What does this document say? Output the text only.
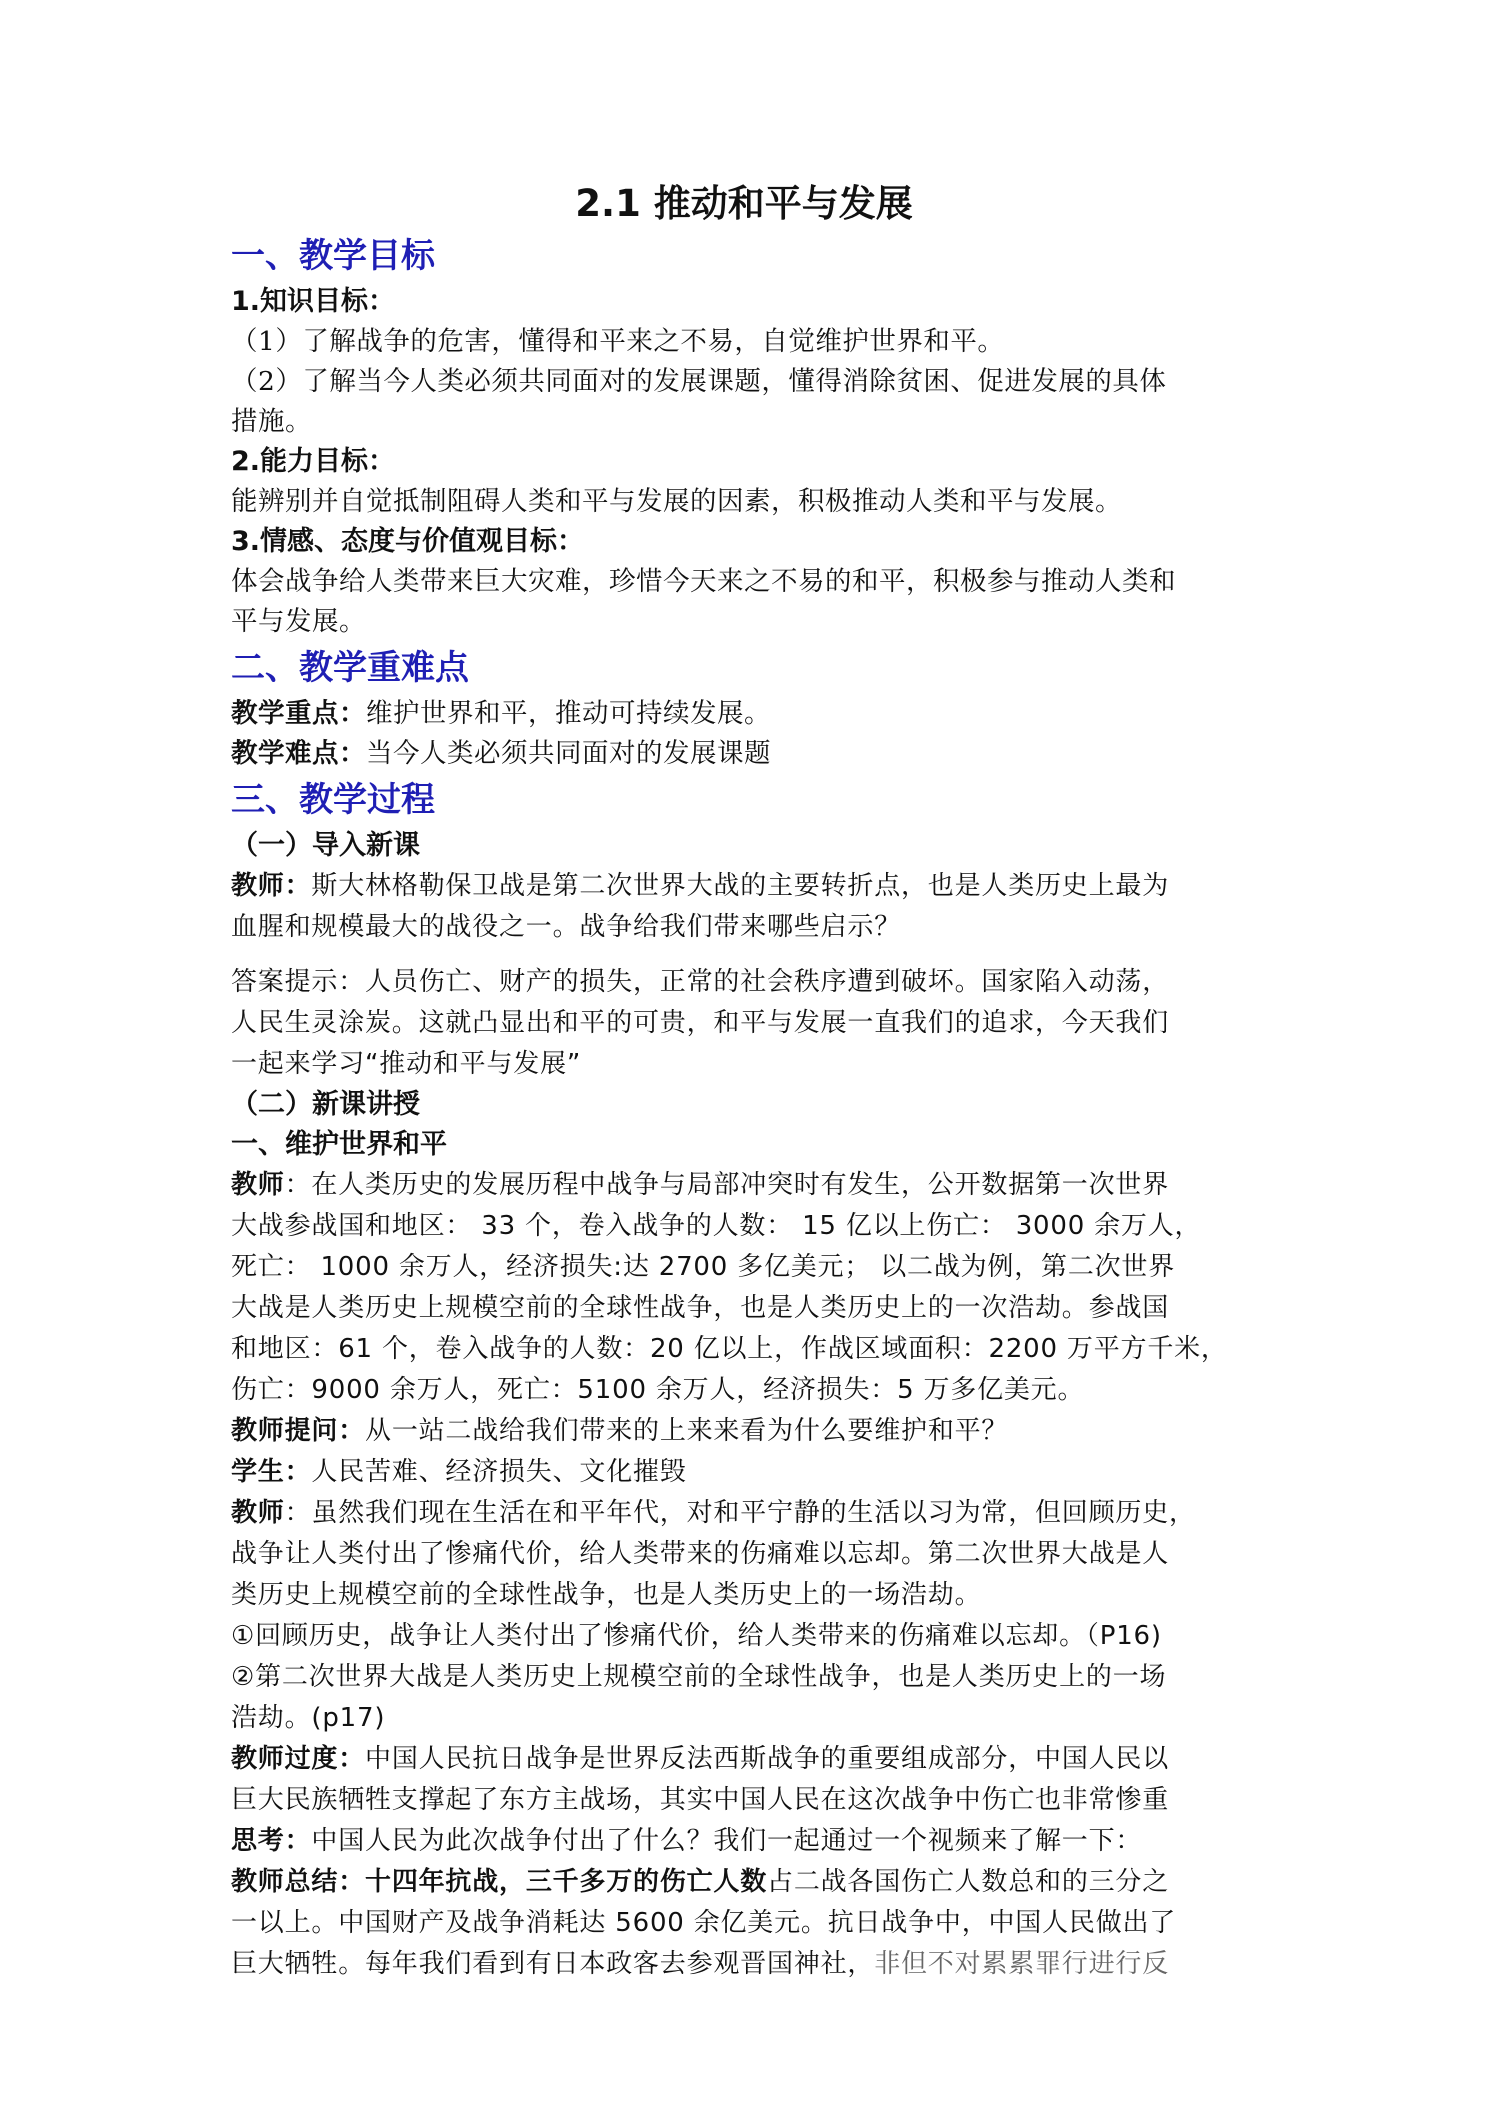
2.1 推动和平与发展
一、教学目标
1.知识目标：
（1）了解战争的危害，懂得和平来之不易，自觉维护世界和平。
（2）了解当今人类必须共同面对的发展课题，懂得消除贫困、促进发展的具体
措施。
2.能力目标：
能辨别并自觉抵制阻碍人类和平与发展的因素，积极推动人类和平与发展。
3.情感、态度与价值观目标：
体会战争给人类带来巨大灾难，珍惜今天来之不易的和平，积极参与推动人类和
平与发展。
二、教学重难点
教学重点：维护世界和平，推动可持续发展。
教学难点：当今人类必须共同面对的发展课题
三、教学过程
（一）导入新课
教师：斯大林格勒保卫战是第二次世界大战的主要转折点，也是人类历史上最为
血腥和规模最大的战役之一。战争给我们带来哪些启示？
答案提示：人员伤亡、财产的损失，正常的社会秩序遭到破坏。国家陷入动荡，
人民生灵涂炭。这就凸显出和平的可贵，和平与发展一直我们的追求，今天我们
一起来学习“推动和平与发展”
（二）新课讲授
一、维护世界和平
教师：在人类历史的发展历程中战争与局部冲突时有发生，公开数据第一次世界
大战参战国和地区： 33 个，卷入战争的人数： 15 亿以上伤亡： 3000 余万人，
死亡： 1000 余万人，经济损失:达 2700 多亿美元； 以二战为例，第二次世界
大战是人类历史上规模空前的全球性战争，也是人类历史上的一次浩劫。参战国
和地区：61 个，卷入战争的人数：20 亿以上，作战区域面积：2200 万平方千米，
伤亡：9000 余万人，死亡：5100 余万人，经济损失：5 万多亿美元。
教师提问：从一站二战给我们带来的上来来看为什么要维护和平？
学生：人民苦难、经济损失、文化摧毁
教师：虽然我们现在生活在和平年代，对和平宁静的生活以习为常，但回顾历史，
战争让人类付出了惨痛代价，给人类带来的伤痛难以忘却。第二次世界大战是人
类历史上规模空前的全球性战争，也是人类历史上的一场浩劫。
①回顾历史，战争让人类付出了惨痛代价，给人类带来的伤痛难以忘却。（P16)
②第二次世界大战是人类历史上规模空前的全球性战争，也是人类历史上的一场
浩劫。(p17)
教师过度：中国人民抗日战争是世界反法西斯战争的重要组成部分，中国人民以
巨大民族牺牲支撑起了东方主战场，其实中国人民在这次战争中伤亡也非常惨重
思考：中国人民为此次战争付出了什么？我们一起通过一个视频来了解一下：
教师总结：十四年抗战，三千多万的伤亡人数占二战各国伤亡人数总和的三分之
一以上。中国财产及战争消耗达 5600 余亿美元。抗日战争中，中国人民做出了
巨大牺牲。每年我们看到有日本政客去参观晋国神社，非但不对累累罪行进行反
